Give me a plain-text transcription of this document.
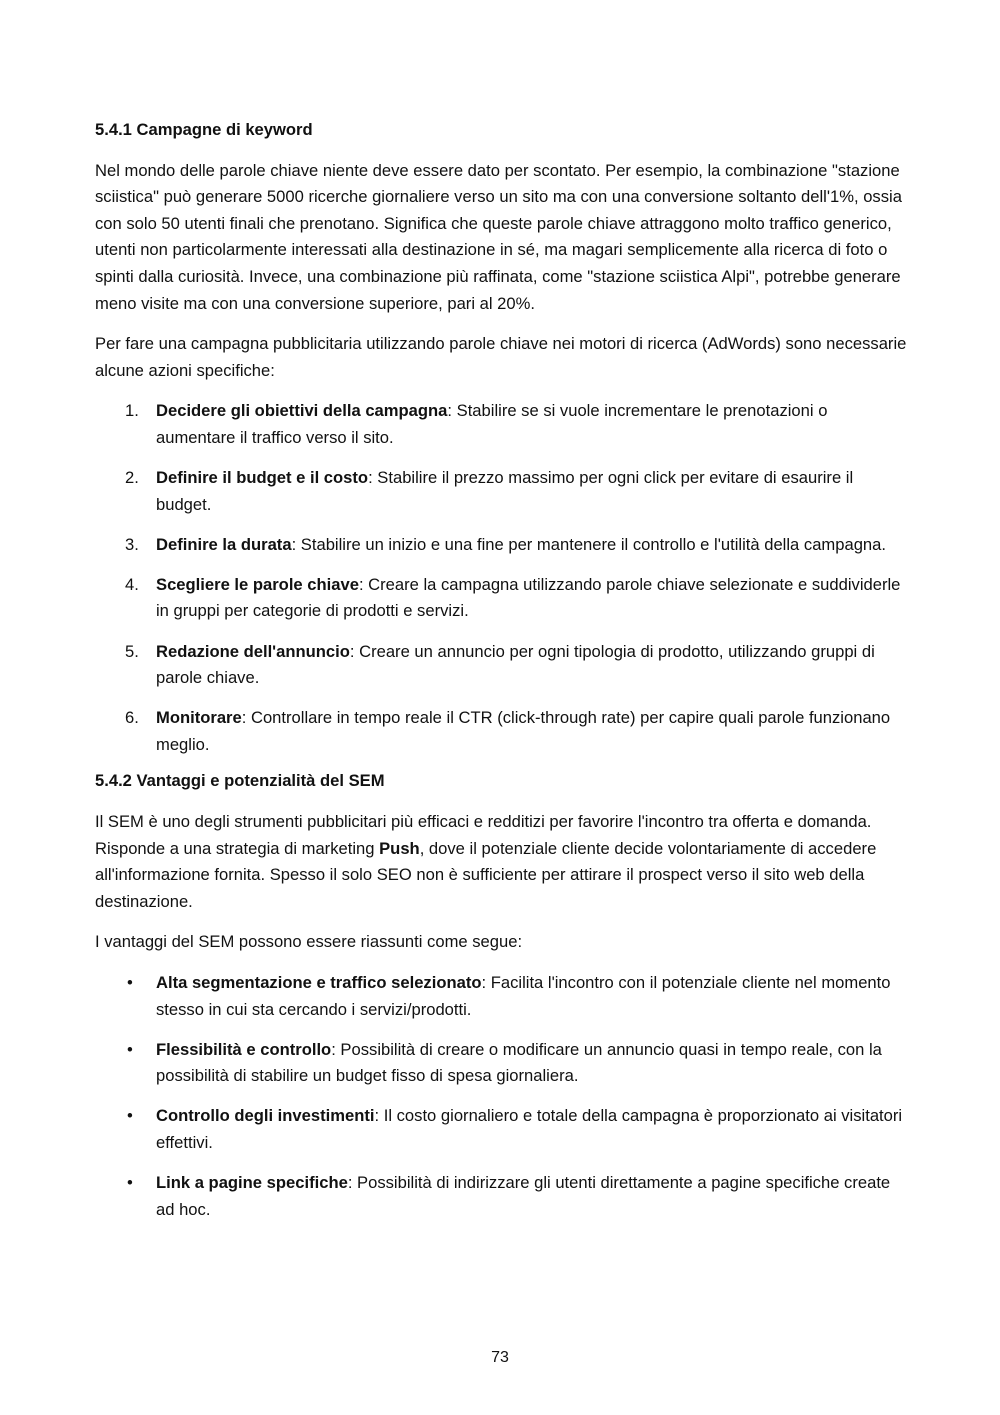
5.4.1 Campagne di keyword

Nel mondo delle parole chiave niente deve essere dato per scontato. Per esempio, la combinazione "stazione sciistica" può generare 5000 ricerche giornaliere verso un sito ma con una conversione soltanto dell'1%, ossia con solo 50 utenti finali che prenotano. Significa che queste parole chiave attraggono molto traffico generico, utenti non particolarmente interessati alla destinazione in sé, ma magari semplicemente alla ricerca di foto o spinti dalla curiosità. Invece, una combinazione più raffinata, come "stazione sciistica Alpi", potrebbe generare meno visite ma con una conversione superiore, pari al 20%.

Per fare una campagna pubblicitaria utilizzando parole chiave nei motori di ricerca (AdWords) sono necessarie alcune azioni specifiche:

1. Decidere gli obiettivi della campagna: Stabilire se si vuole incrementare le prenotazioni o aumentare il traffico verso il sito.
2. Definire il budget e il costo: Stabilire il prezzo massimo per ogni click per evitare di esaurire il budget.
3. Definire la durata: Stabilire un inizio e una fine per mantenere il controllo e l'utilità della campagna.
4. Scegliere le parole chiave: Creare la campagna utilizzando parole chiave selezionate e suddividerle in gruppi per categorie di prodotti e servizi.
5. Redazione dell'annuncio: Creare un annuncio per ogni tipologia di prodotto, utilizzando gruppi di parole chiave.
6. Monitorare: Controllare in tempo reale il CTR (click-through rate) per capire quali parole funzionano meglio.
5.4.2 Vantaggi e potenzialità del SEM

Il SEM è uno degli strumenti pubblicitari più efficaci e redditizi per favorire l'incontro tra offerta e domanda. Risponde a una strategia di marketing Push, dove il potenziale cliente decide volontariamente di accedere all'informazione fornita. Spesso il solo SEO non è sufficiente per attirare il prospect verso il sito web della destinazione.

I vantaggi del SEM possono essere riassunti come segue:

• Alta segmentazione e traffico selezionato: Facilita l'incontro con il potenziale cliente nel momento stesso in cui sta cercando i servizi/prodotti.
• Flessibilità e controllo: Possibilità di creare o modificare un annuncio quasi in tempo reale, con la possibilità di stabilire un budget fisso di spesa giornaliera.
• Controllo degli investimenti: Il costo giornaliero e totale della campagna è proporzionato ai visitatori effettivi.
• Link a pagine specifiche: Possibilità di indirizzare gli utenti direttamente a pagine specifiche create ad hoc.
73
